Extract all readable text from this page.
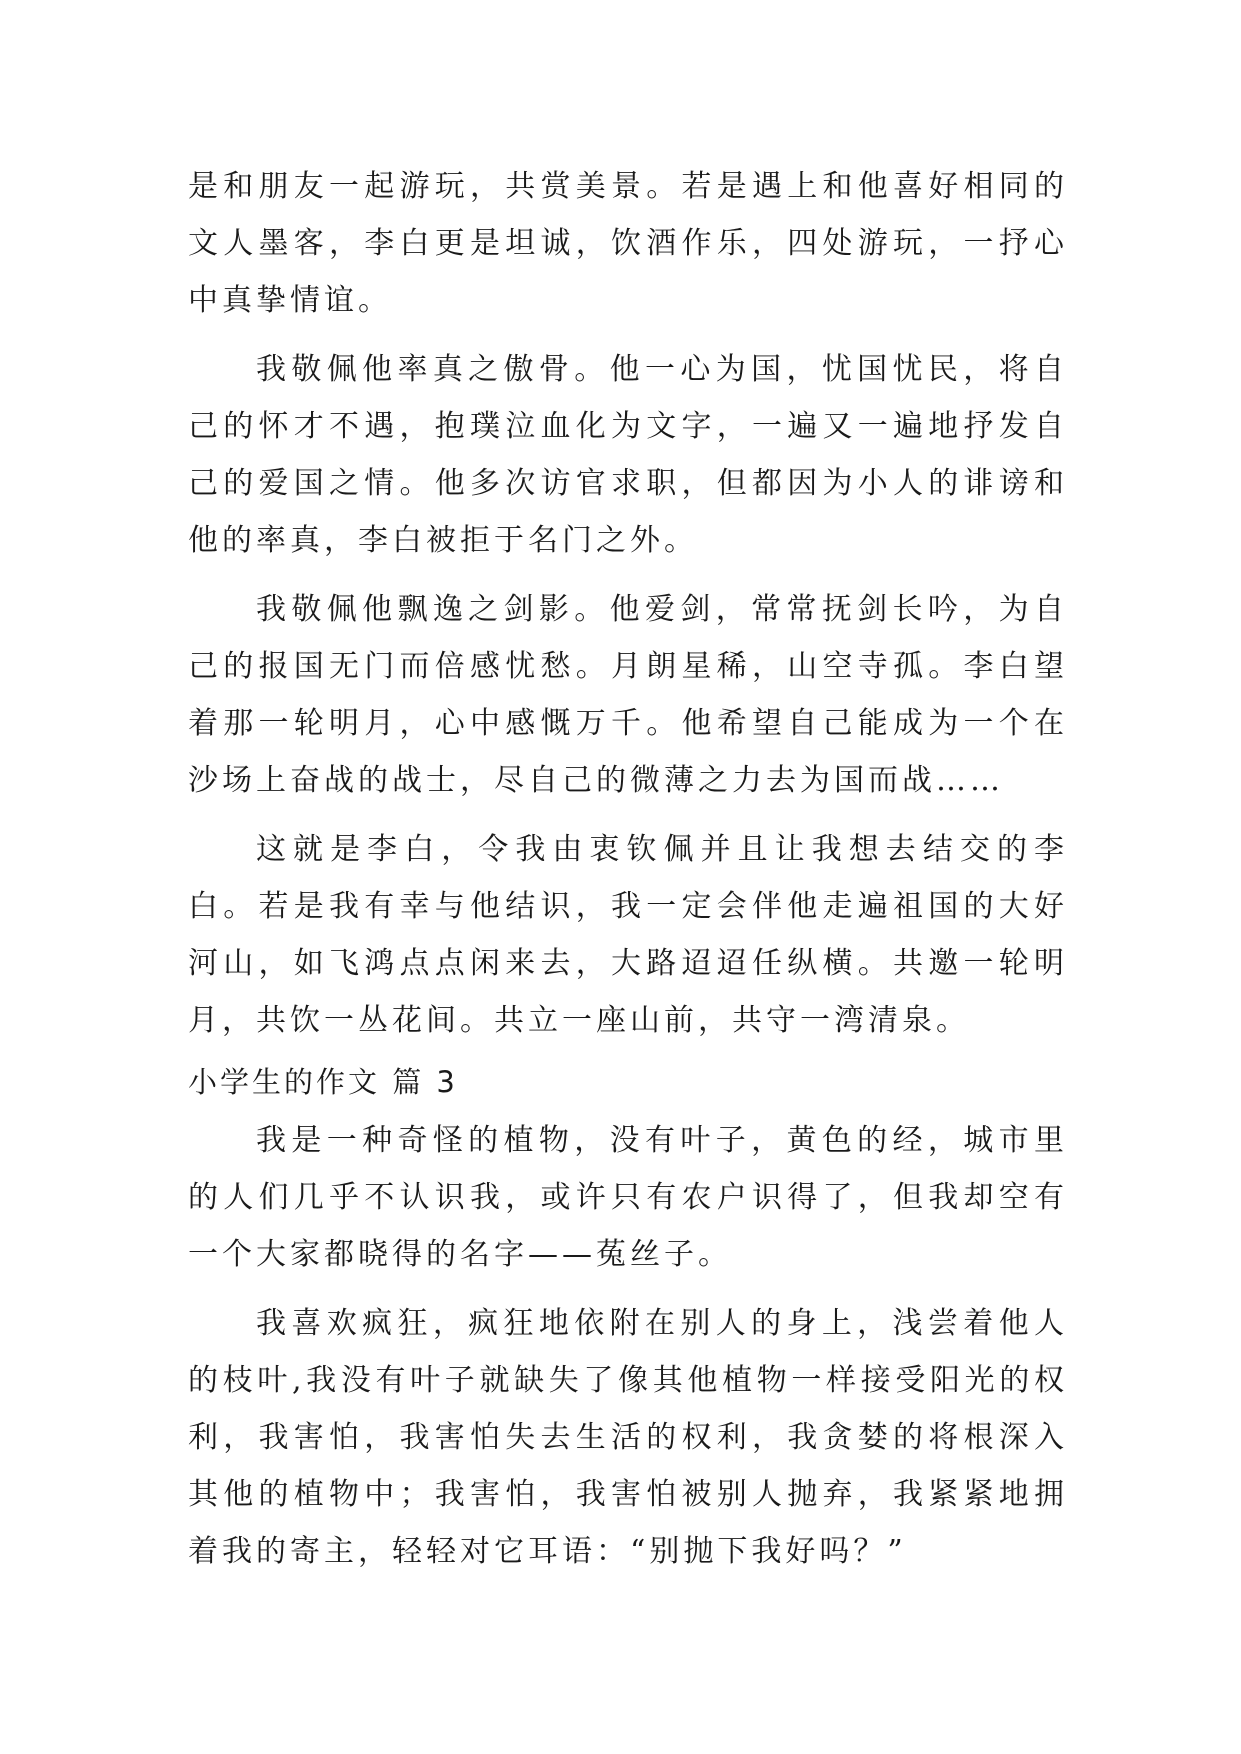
是和朋友一起游玩，共赏美景。若是遇上和他喜好相同的文人墨客，李白更是坦诚，饮酒作乐，四处游玩，一抒心中真挚情谊。

我敬佩他率真之傲骨。他一心为国，忧国忧民，将自己的怀才不遇，抱璞泣血化为文字，一遍又一遍地抒发自己的爱国之情。他多次访官求职，但都因为小人的诽谤和他的率真，李白被拒于名门之外。

我敬佩他飘逸之剑影。他爱剑，常常抚剑长吟，为自己的报国无门而倍感忧愁。月朗星稀，山空寺孤。李白望着那一轮明月，心中感慨万千。他希望自己能成为一个在沙场上奋战的战士，尽自己的微薄之力去为国而战……

这就是李白，令我由衷钦佩并且让我想去结交的李白。若是我有幸与他结识，我一定会伴他走遍祖国的大好河山，如飞鸿点点闲来去，大路迢迢任纵横。共邀一轮明月，共饮一丛花间。共立一座山前，共守一湾清泉。

小学生的作文 篇 3

我是一种奇怪的植物，没有叶子，黄色的经，城市里的人们几乎不认识我，或许只有农户识得了，但我却空有一个大家都晓得的名字——菟丝子。

我喜欢疯狂，疯狂地依附在别人的身上，浅尝着他人的枝叶,我没有叶子就缺失了像其他植物一样接受阳光的权利，我害怕，我害怕失去生活的权利，我贪婪的将根深入其他的植物中；我害怕，我害怕被别人抛弃，我紧紧地拥着我的寄主，轻轻对它耳语：“别抛下我好吗？”
